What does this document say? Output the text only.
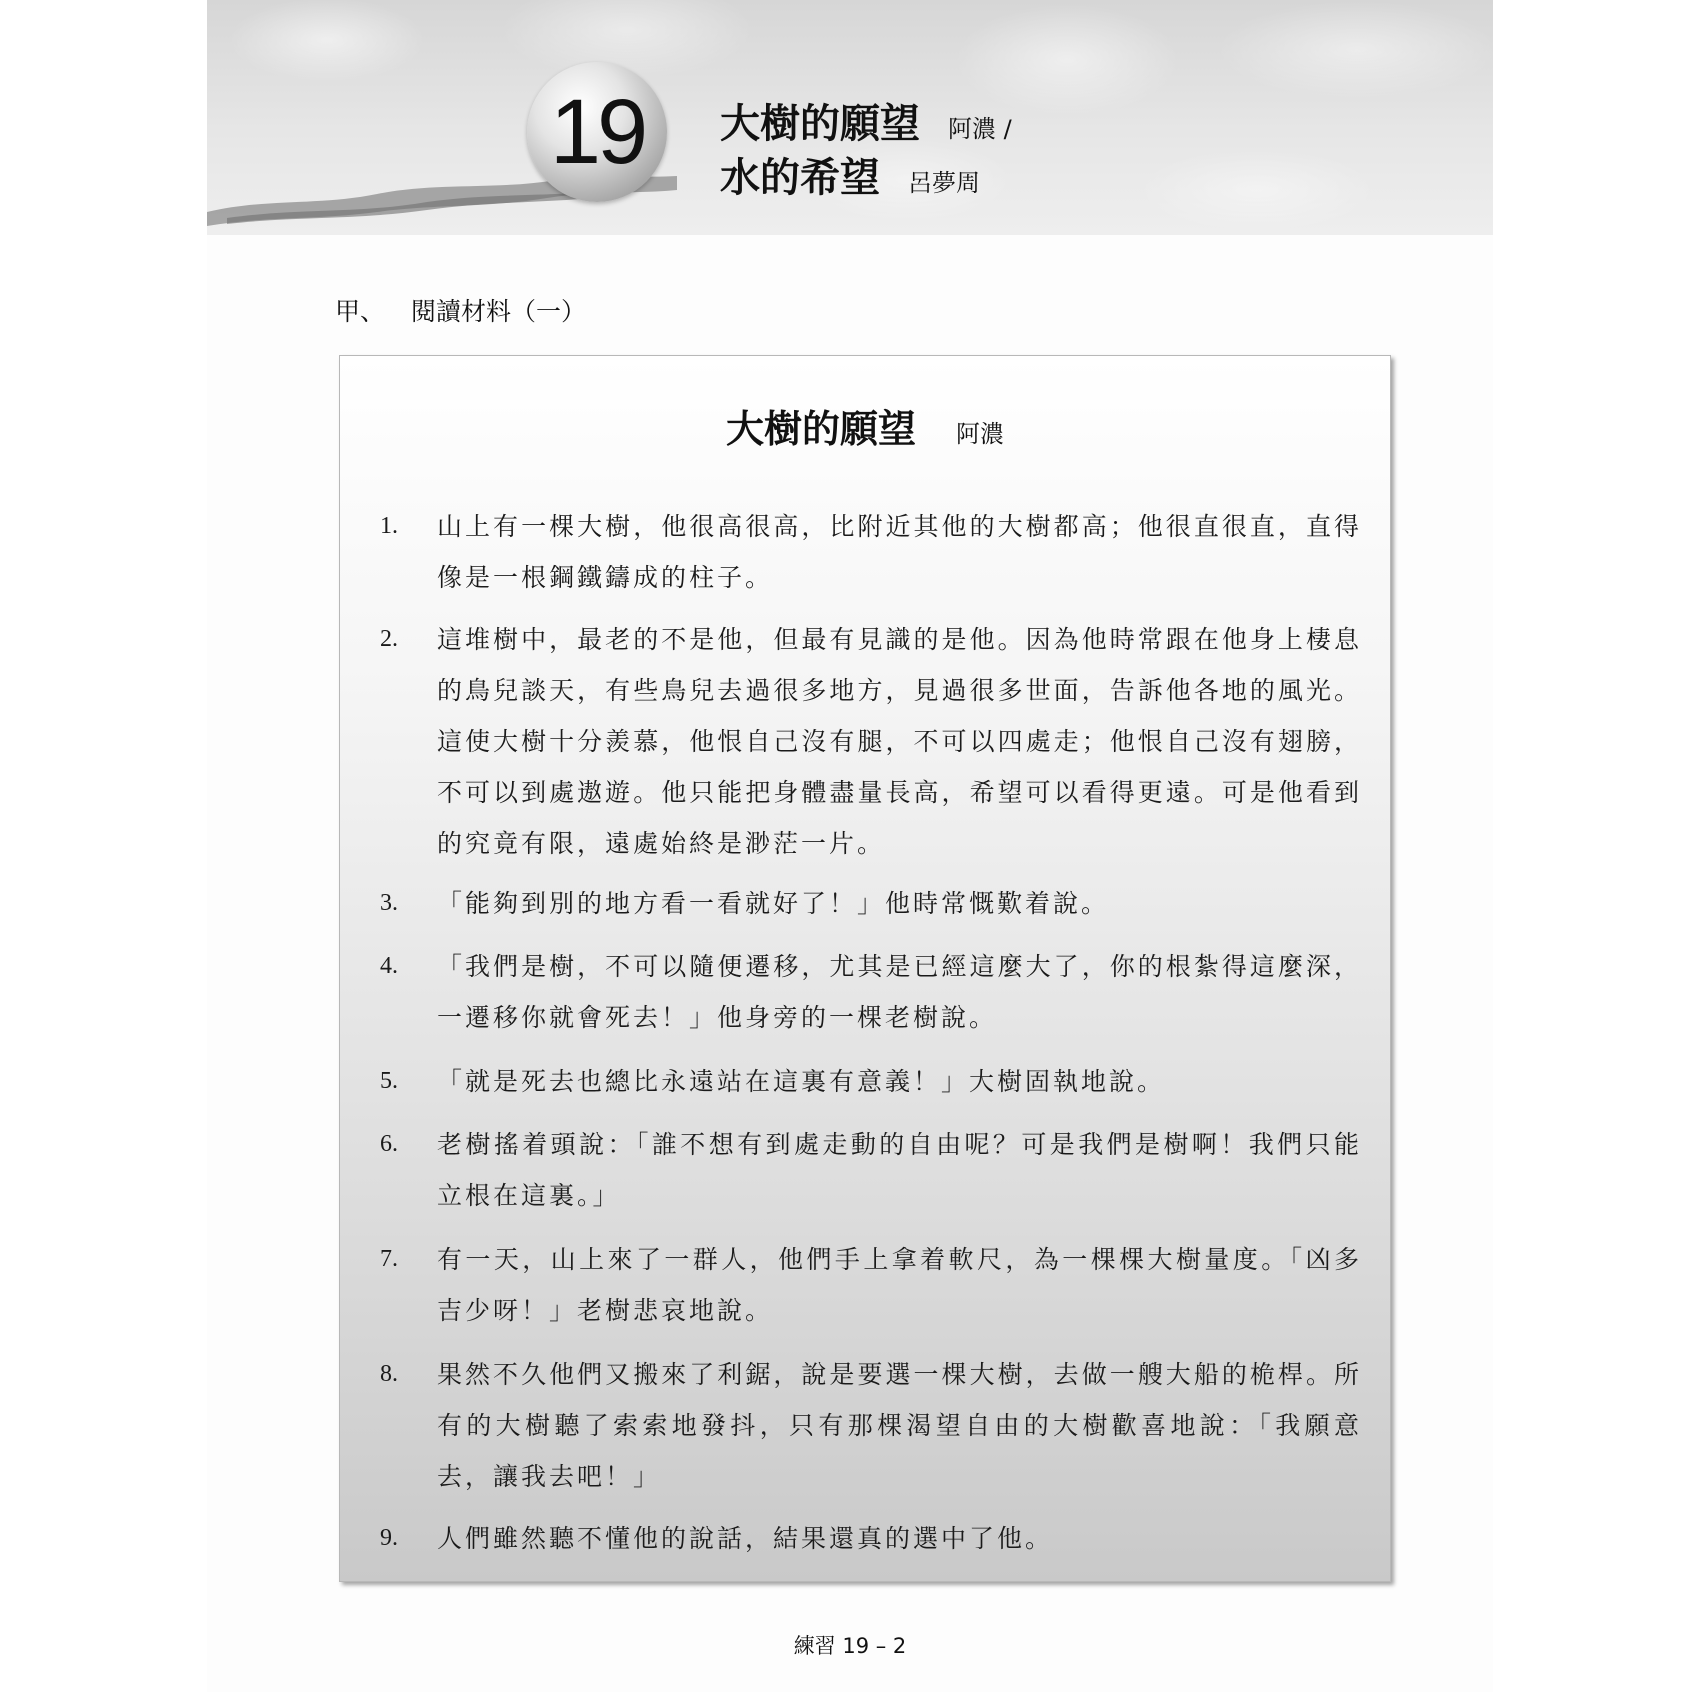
19	大樹的願望 阿濃 /
水的希望 呂夢周
甲、 閱讀材料（一）
大樹的願望 阿濃
1.	山上有一棵大樹，他很高很高，比附近其他的大樹都高；他很直很直，直得像是一根鋼鐵鑄成的柱子。
2.	這堆樹中，最老的不是他，但最有見識的是他。因為他時常跟在他身上棲息的鳥兒談天，有些鳥兒去過很多地方，見過很多世面，告訴他各地的風光。這使大樹十分羨慕，他恨自己沒有腿，不可以四處走；他恨自己沒有翅膀，不可以到處遨遊。他只能把身體盡量長高，希望可以看得更遠。可是他看到的究竟有限，遠處始終是渺茫一片。
3.	「能夠到別的地方看一看就好了！」他時常慨歎着說。
4.	「我們是樹，不可以隨便遷移，尤其是已經這麼大了，你的根紮得這麼深，一遷移你就會死去！」他身旁的一棵老樹說。
5.	「就是死去也總比永遠站在這裏有意義！」大樹固執地說。
6.	老樹搖着頭說：「誰不想有到處走動的自由呢？可是我們是樹啊！我們只能立根在這裏。」
7.	有一天，山上來了一群人，他們手上拿着軟尺，為一棵棵大樹量度。「凶多吉少呀！」老樹悲哀地說。
8.	果然不久他們又搬來了利鋸，說是要選一棵大樹，去做一艘大船的桅桿。所有的大樹聽了索索地發抖，只有那棵渴望自由的大樹歡喜地說：「我願意去，讓我去吧！」
9.	人們雖然聽不懂他的說話，結果還真的選中了他。
練習 19 – 2
